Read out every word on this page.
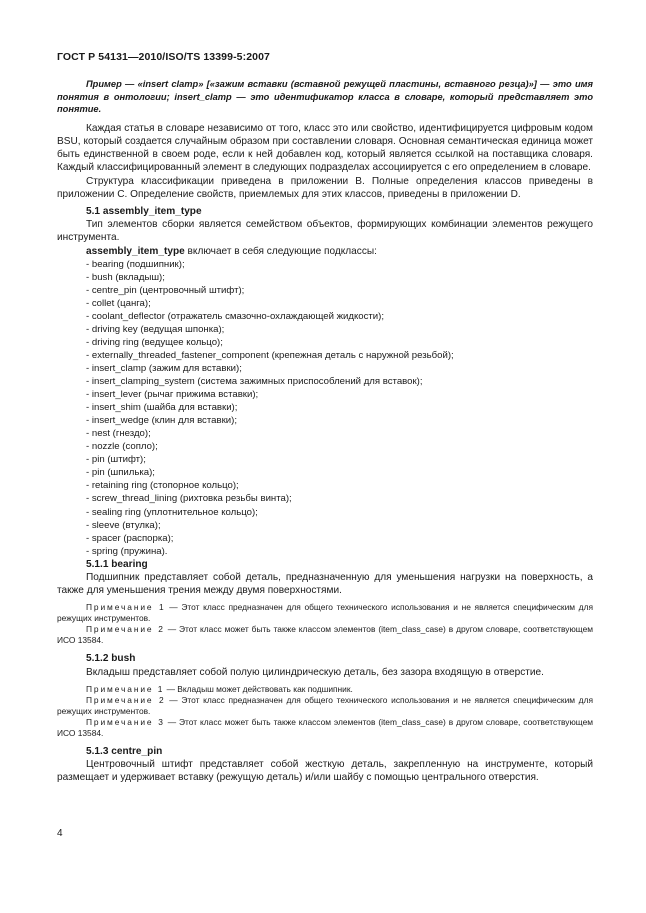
ГОСТ Р 54131—2010/ISO/TS 13399-5:2007

Пример — «insert clamp» [«зажим вставки (вставной режущей пластины, вставного резца)»] — это имя понятия в онтологии; insert_clamp — это идентификатор класса в словаре, который представляет это понятие.

Каждая статья в словаре независимо от того, класс это или свойство, идентифицируется цифровым кодом BSU, который создается случайным образом при составлении словаря. Основная семантическая единица может быть единственной в своем роде, если к ней добавлен код, который является ссылкой на поставщика словаря. Каждый классифицированный элемент в следующих подразделах ассоциируется с его определением в словаре.

Структура классификации приведена в приложении B. Полные определения классов приведены в приложении C. Определение свойств, приемлемых для этих классов, приведены в приложении D.

5.1 assembly_item_type

Тип элементов сборки является семейством объектов, формирующих комбинации элементов режущего инструмента.

assembly_item_type включает в себя следующие подклассы:

- bearing (подшипник);
- bush (вкладыш);
- centre_pin (центровочный штифт);
- collet (цанга);
- coolant_deflector (отражатель смазочно-охлаждающей жидкости);
- driving key (ведущая шпонка);
- driving ring (ведущее кольцо);
- externally_threaded_fastener_component (крепежная деталь с наружной резьбой);
- insert_clamp (зажим для вставки);
- insert_clamping_system (система зажимных приспособлений для вставок);
- insert_lever (рычаг прижима вставки);
- insert_shim (шайба для вставки);
- insert_wedge (клин для вставки);
- nest (гнездо);
- nozzle (сопло);
- pin (штифт);
- pin (шпилька);
- retaining ring (стопорное кольцо);
- screw_thread_lining (рихтовка резьбы винта);
- sealing ring (уплотнительное кольцо);
- sleeve (втулка);
- spacer (распорка);
- spring (пружина).

5.1.1 bearing

Подшипник представляет собой деталь, предназначенную для уменьшения нагрузки на поверхность, а также для уменьшения трения между двумя поверхностями.

Примечание 1 — Этот класс предназначен для общего технического использования и не является специфическим для режущих инструментов.

Примечание 2 — Этот класс может быть также классом элементов (item_class_case) в другом словаре, соответствующем ИСО 13584.

5.1.2 bush

Вкладыш представляет собой полую цилиндрическую деталь, без зазора входящую в отверстие.

Примечание 1 — Вкладыш может действовать как подшипник.

Примечание 2 — Этот класс предназначен для общего технического использования и не является специфическим для режущих инструментов.

Примечание 3 — Этот класс может быть также классом элементов (item_class_case) в другом словаре, соответствующем ИСО 13584.

5.1.3 centre_pin

Центровочный штифт представляет собой жесткую деталь, закрепленную на инструменте, который размещает и удерживает вставку (режущую деталь) и/или шайбу с помощью центрального отверстия.

4
